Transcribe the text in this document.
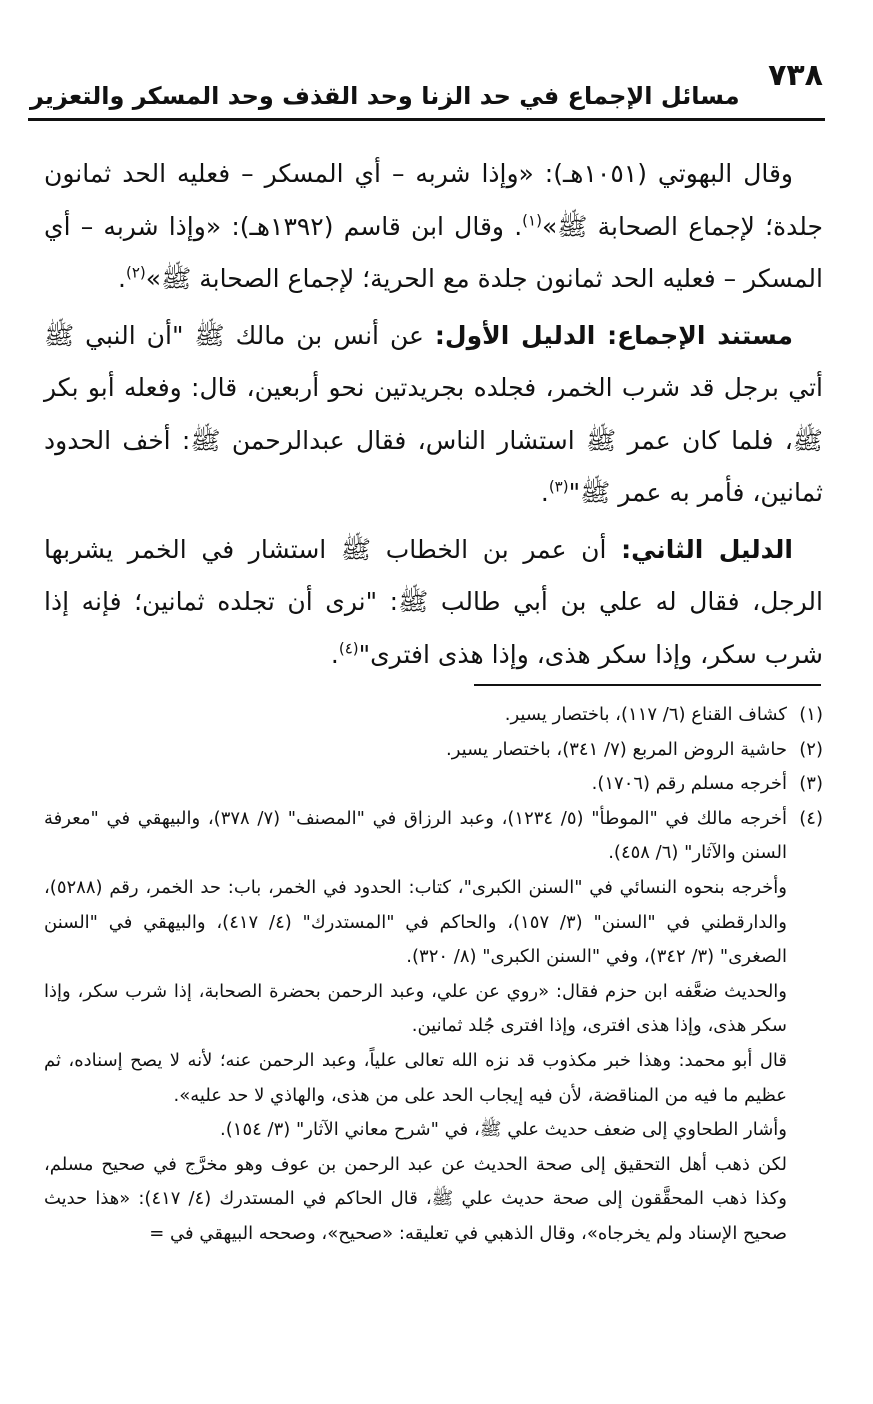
٧٣٨
مسائل الإجماع في حد الزنا وحد القذف وحد المسكر والتعزير

وقال البهوتي (١٠٥١هـ): «وإذا شربه – أي المسكر – فعليه الحد ثمانون جلدة؛ لإجماع الصحابة ﷺ»$^{(١)}$. وقال ابن قاسم (١٣٩٢هـ): «وإذا شربه – أي المسكر – فعليه الحد ثمانون جلدة مع الحرية؛ لإجماع الصحابة ﷺ»$^{(٢)}$.

مستند الإجماع: الدليل الأول: عن أنس بن مالك ﷺ "أن النبي ﷺ أتي برجل قد شرب الخمر، فجلده بجريدتين نحو أربعين، قال: وفعله أبو بكر ﷺ، فلما كان عمر ﷺ استشار الناس، فقال عبدالرحمن ﷺ: أخف الحدود ثمانين، فأمر به عمر ﷺ"$^{(٣)}$.

الدليل الثاني: أن عمر بن الخطاب ﷺ استشار في الخمر يشربها الرجل، فقال له علي بن أبي طالب ﷺ: "نرى أن تجلده ثمانين؛ فإنه إذا شرب سكر، وإذا سكر هذى، وإذا هذى افترى"$^{(٤)}$.

(١)
كشاف القناع (٦/ ١١٧)، باختصار يسير.

(٢)
حاشية الروض المربع (٧/ ٣٤١)، باختصار يسير.

(٣)
أخرجه مسلم رقم (١٧٠٦).

(٤)
أخرجه مالك في "الموطأ" (٥/ ١٢٣٤)، وعبد الرزاق في "المصنف" (٧/ ٣٧٨)، والبيهقي في "معرفة السنن والآثار" (٦/ ٤٥٨).

وأخرجه بنحوه النسائي في "السنن الكبرى"، كتاب: الحدود في الخمر، باب: حد الخمر، رقم (٥٢٨٨)، والدارقطني في "السنن" (٣/ ١٥٧)، والحاكم في "المستدرك" (٤/ ٤١٧)، والبيهقي في "السنن الصغرى" (٣/ ٣٤٢)، وفي "السنن الكبرى" (٨/ ٣٢٠).

والحديث ضعَّفه ابن حزم فقال: «روي عن علي، وعبد الرحمن بحضرة الصحابة، إذا شرب سكر، وإذا سكر هذى، وإذا هذى افترى، وإذا افترى جُلد ثمانين.

قال أبو محمد: وهذا خبر مكذوب قد نزه الله تعالى علياً، وعبد الرحمن عنه؛ لأنه لا يصح إسناده، ثم عظيم ما فيه من المناقضة، لأن فيه إيجاب الحد على من هذى، والهاذي لا حد عليه».

وأشار الطحاوي إلى ضعف حديث علي ﷺ، في "شرح معاني الآثار" (٣/ ١٥٤).

لكن ذهب أهل التحقيق إلى صحة الحديث عن عبد الرحمن بن عوف وهو مخرَّج في صحيح مسلم، وكذا ذهب المحقَّقون إلى صحة حديث علي ﷺ، قال الحاكم في المستدرك (٤/ ٤١٧): «هذا حديث صحيح الإسناد ولم يخرجاه»، وقال الذهبي في تعليقه: «صحيح»، وصححه البيهقي في =
